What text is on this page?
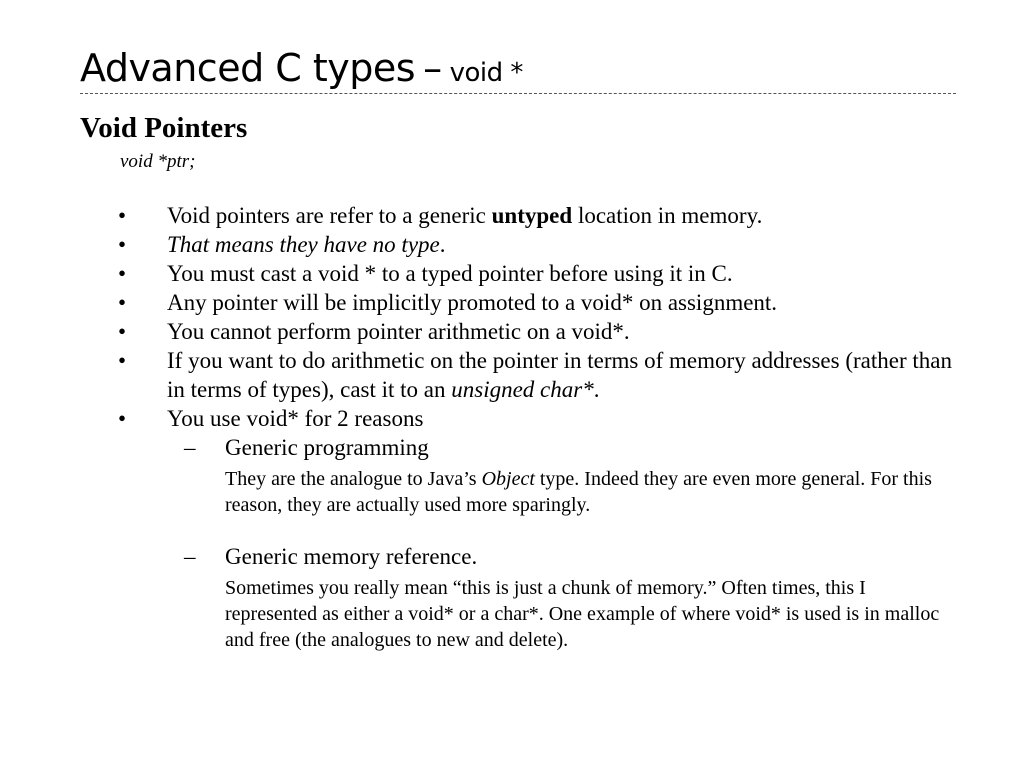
Advanced C types – void *
Void Pointers
void *ptr;
• Void pointers are refer to a generic untyped location in memory.
• That means they have no type.
• You must cast a void * to a typed pointer before using it in C.
• Any pointer will be implicitly promoted to a void* on assignment.
• You cannot perform pointer arithmetic on a void*.
• If you want to do arithmetic on the pointer in terms of memory addresses (rather than in terms of types), cast it to an unsigned char*.
• You use void* for 2 reasons
– Generic programming
They are the analogue to Java’s Object type. Indeed they are even more general. For this reason, they are actually used more sparingly.
– Generic memory reference.
Sometimes you really mean “this is just a chunk of memory.” Often times, this I represented as either a void* or a char*. One example of where void* is used is in malloc and free (the analogues to new and delete).
